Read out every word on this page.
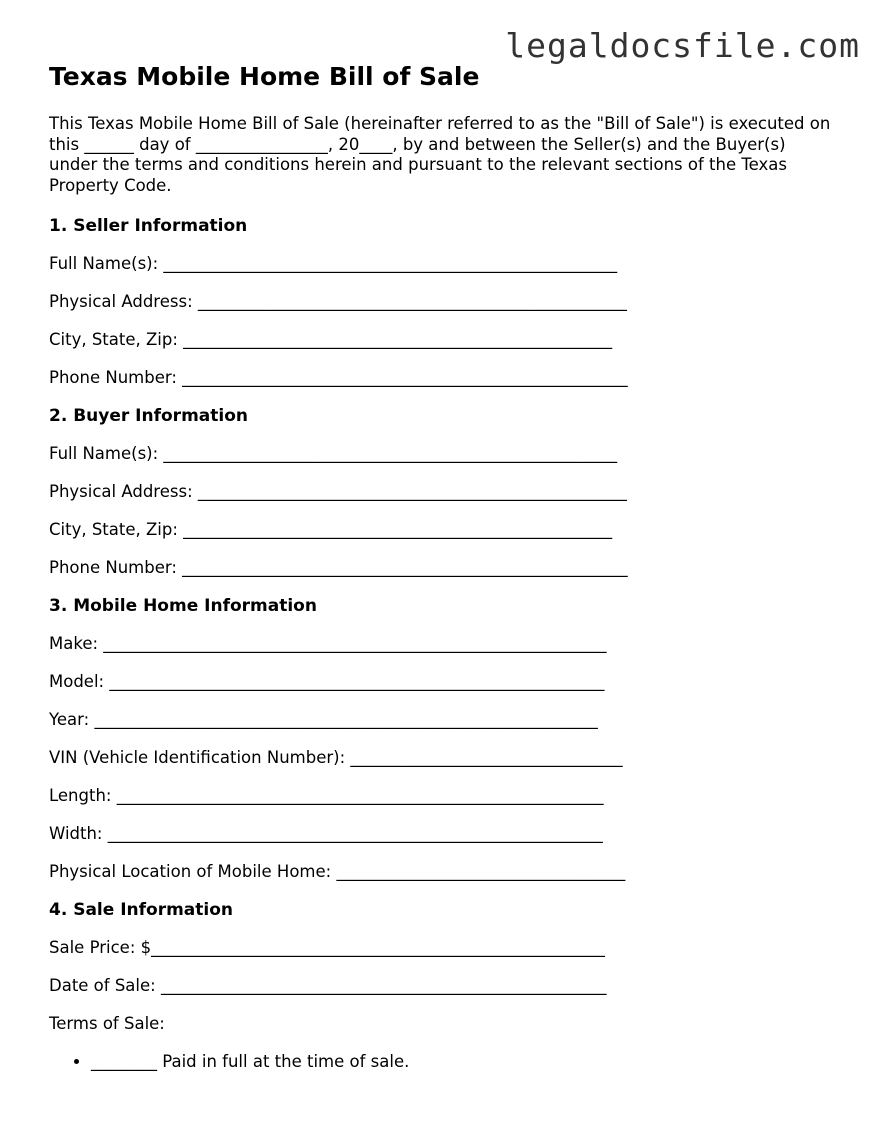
legaldocsfile.com
Texas Mobile Home Bill of Sale

This Texas Mobile Home Bill of Sale (hereinafter referred to as the "Bill of Sale") is executed on this ______ day of ________________, 20____, by and between the Seller(s) and the Buyer(s) under the terms and conditions herein and pursuant to the relevant sections of the Texas Property Code.

1. Seller Information

Full Name(s): _______________________________________________________

Physical Address: ____________________________________________________

City, State, Zip: ____________________________________________________

Phone Number: ______________________________________________________

2. Buyer Information

Full Name(s): _______________________________________________________

Physical Address: ____________________________________________________

City, State, Zip: ____________________________________________________

Phone Number: ______________________________________________________

3. Mobile Home Information

Make: _____________________________________________________________

Model: ____________________________________________________________

Year: _____________________________________________________________

VIN (Vehicle Identification Number): _________________________________

Length: ___________________________________________________________

Width: ____________________________________________________________

Physical Location of Mobile Home: ___________________________________

4. Sale Information

Sale Price: $_______________________________________________________

Date of Sale: ______________________________________________________

Terms of Sale:

• ________ Paid in full at the time of sale.
